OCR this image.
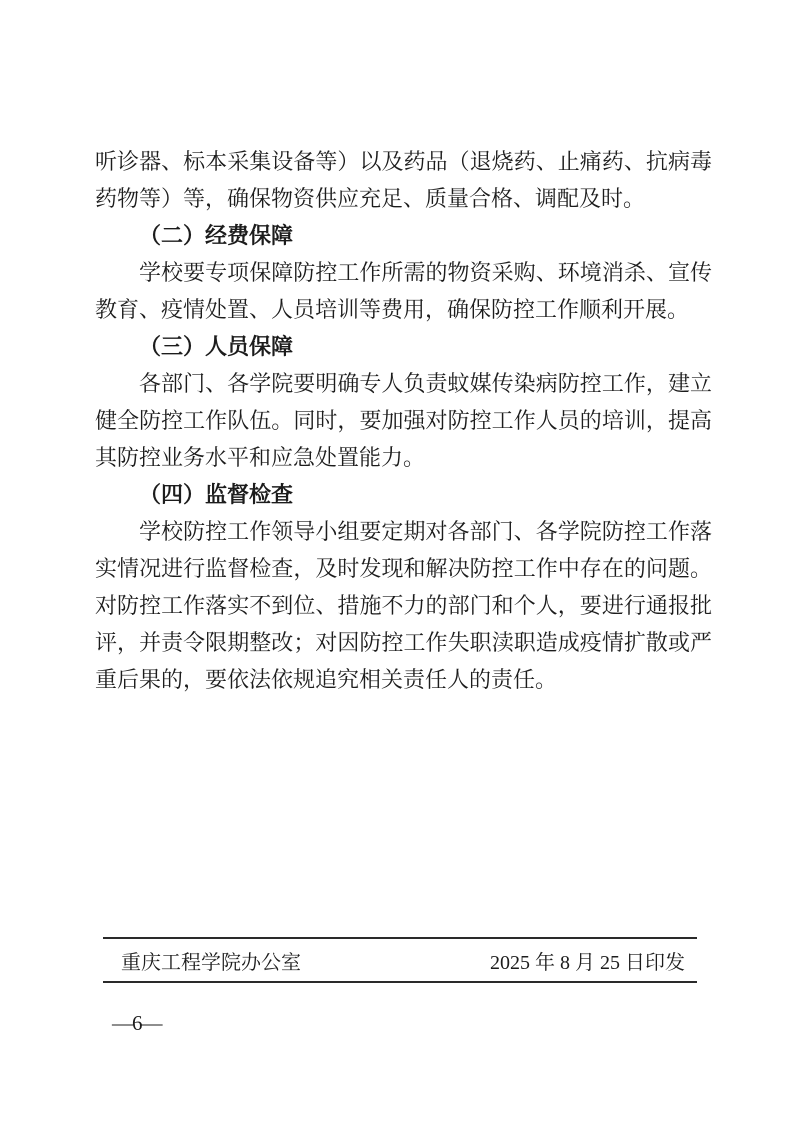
听诊器、标本采集设备等）以及药品（退烧药、止痛药、抗病毒
药物等）等，确保物资供应充足、质量合格、调配及时。
（二）经费保障
学校要专项保障防控工作所需的物资采购、环境消杀、宣传
教育、疫情处置、人员培训等费用，确保防控工作顺利开展。
（三）人员保障
各部门、各学院要明确专人负责蚊媒传染病防控工作，建立
健全防控工作队伍。同时，要加强对防控工作人员的培训，提高
其防控业务水平和应急处置能力。
（四）监督检查
学校防控工作领导小组要定期对各部门、各学院防控工作落
实情况进行监督检查，及时发现和解决防控工作中存在的问题。
对防控工作落实不到位、措施不力的部门和个人，要进行通报批
评，并责令限期整改；对因防控工作失职渎职造成疫情扩散或严
重后果的，要依法依规追究相关责任人的责任。
重庆工程学院办公室	2025 年 8 月 25 日印发
—6—
